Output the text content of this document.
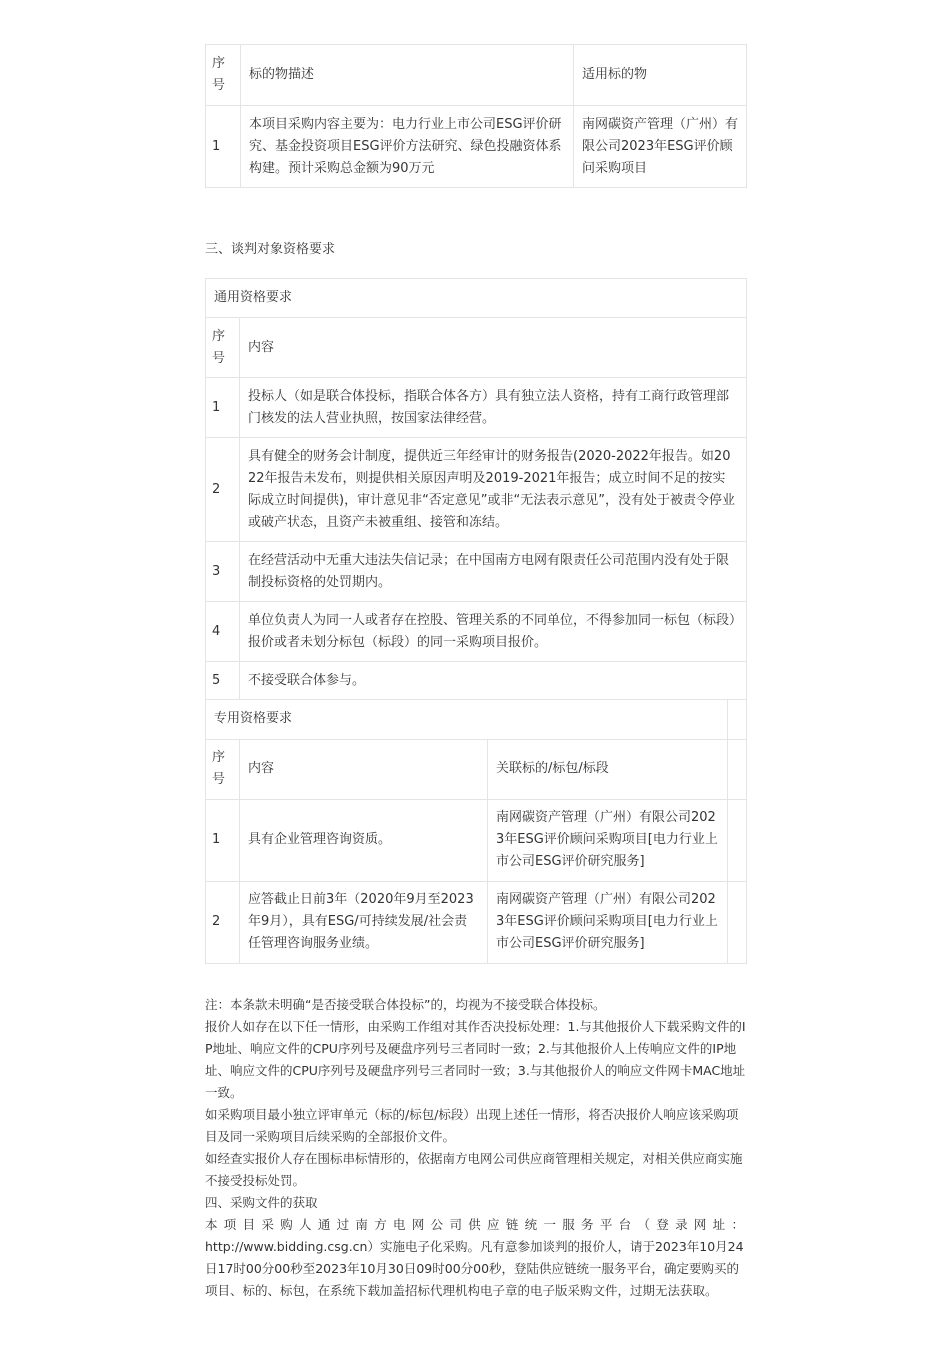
序号	标的物描述	适用标的物
1	本项目采购内容主要为：电力行业上市公司ESG评价研究、基金投资项目ESG评价方法研究、绿色投融资体系构建。预计采购总金额为90万元	南网碳资产管理（广州）有限公司2023年ESG评价顾问采购项目

三、谈判对象资格要求

通用资格要求	
序号	内容
1	投标人（如是联合体投标，指联合体各方）具有独立法人资格，持有工商行政管理部门核发的法人营业执照，按国家法律经营。
2	具有健全的财务会计制度，提供近三年经审计的财务报告(2020-2022年报告。如2022年报告未发布，则提供相关原因声明及2019-2021年报告；成立时间不足的按实际成立时间提供)，审计意见非“否定意见”或非“无法表示意见”，没有处于被责令停业或破产状态，且资产未被重组、接管和冻结。
3	在经营活动中无重大违法失信记录；在中国南方电网有限责任公司范围内没有处于限制投标资格的处罚期内。
4	单位负责人为同一人或者存在控股、管理关系的不同单位，不得参加同一标包（标段）报价或者未划分标包（标段）的同一采购项目报价。
5	不接受联合体参与。
专用资格要求			
序号	内容	关联标的/标包/标段	
1	具有企业管理咨询资质。	南网碳资产管理（广州）有限公司2023年ESG评价顾问采购项目[电力行业上市公司ESG评价研究服务]	
2	应答截止日前3年（2020年9月至2023年9月），具有ESG/可持续发展/社会责任管理咨询服务业绩。	南网碳资产管理（广州）有限公司2023年ESG评价顾问采购项目[电力行业上市公司ESG评价研究服务]	

注：本条款未明确“是否接受联合体投标”的，均视为不接受联合体投标。

报价人如存在以下任一情形，由采购工作组对其作否决投标处理：1.与其他报价人下载采购文件的IP地址、响应文件的CPU序列号及硬盘序列号三者同时一致；2.与其他报价人上传响应文件的IP地址、响应文件的CPU序列号及硬盘序列号三者同时一致；3.与其他报价人的响应文件网卡MAC地址一致。

如采购项目最小独立评审单元（标的/标包/标段）出现上述任一情形，将否决报价人响应该采购项目及同一采购项目后续采购的全部报价文件。

如经查实报价人存在围标串标情形的，依据南方电网公司供应商管理相关规定，对相关供应商实施不接受投标处罚。

四、采购文件的获取

本项目采购人通过南方电网公司供应链统一服务平台（登录网址：

http://www.bidding.csg.cn）实施电子化采购。凡有意参加谈判的报价人，请于2023年10月24日17时00分00秒至2023年10月30日09时00分00秒，登陆供应链统一服务平台，确定要购买的项目、标的、标包，在系统下载加盖招标代理机构电子章的电子版采购文件，过期无法获取。
